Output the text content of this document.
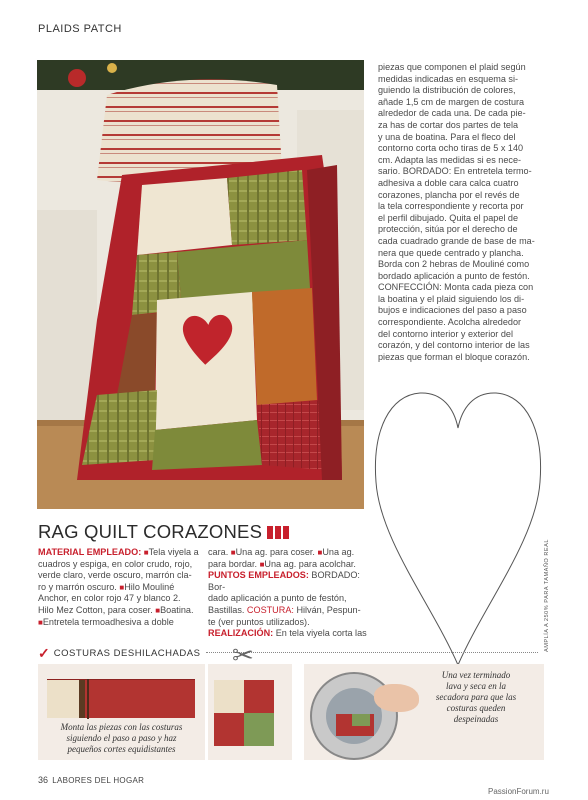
PLAIDS PATCH
piezas que componen el plaid según
medidas indicadas en esquema si-
guiendo la distribución de colores,
añade 1,5 cm de margen de costura
alrededor de cada una. De cada pie-
za has de cortar dos partes de tela
y una de boatina. Para el fleco del
contorno corta ocho tiras de 5 x 140
cm. Adapta las medidas si es nece-
sario. BORDADO: En entretela termo-
adhesiva a doble cara calca cuatro
corazones, plancha por el revés de
la tela correspondiente y recorta por
el perfil dibujado. Quita el papel de
protección, sitúa por el derecho de
cada cuadrado grande de base de ma-
nera que quede centrado y plancha.
Borda con 2 hebras de Mouliné como
bordado aplicación a punto de festón.
CONFECCIÓN: Monta cada pieza con
la boatina y el plaid siguiendo los di-
bujos e indicaciones del paso a paso
correspondiente. Acolcha alrededor
del contorno interior y exterior del
corazón, y del contorno interior de las
piezas que forman el bloque corazón.
AMPLÍA A 250% PARA TAMAÑO REAL
RAG QUILT CORAZONES
MATERIAL EMPLEADO: ■Tela viyela a
cuadros y espiga, en color crudo, rojo,
verde claro, verde oscuro, marrón cla-
ro y marrón oscuro. ■Hilo Mouliné
Anchor, en color rojo 47 y blanco 2.
Hilo Mez Cotton, para coser. ■Boatina.
■Entretela termoadhesiva a doble
cara. ■Una ag. para coser. ■Una ag.
para bordar. ■Una ag. para acolchar.
PUNTOS EMPLEADOS: BORDADO: Bor-
dado aplicación a punto de festón,
Bastillas. COSTURA: Hilván, Pespun-
te (ver puntos utilizados).
REALIZACIÓN: En tela viyela corta las
✓ COSTURAS DESHILACHADAS
Monta las piezas con las costuras
siguiendo el paso a paso y haz
pequeños cortes equidistantes
✂
Una vez terminado
lava y seca en la
secadora para que las
costuras queden
despeinadas
36 LABORES DEL HOGAR
PassionForum.ru
